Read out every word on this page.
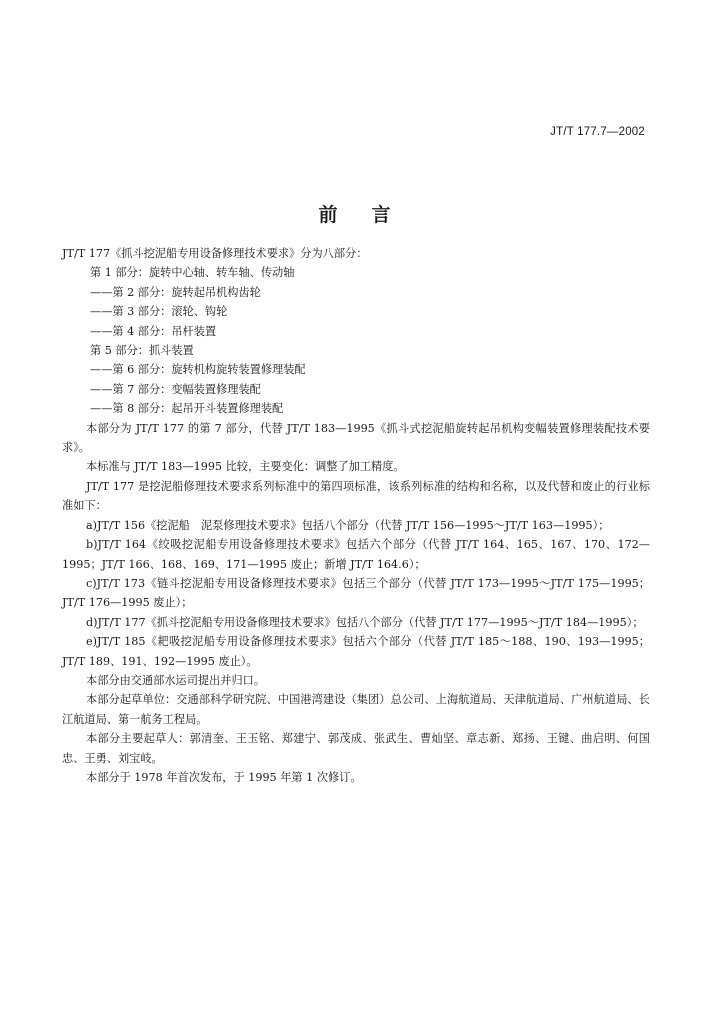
JT/T 177.7—2002
前 言

JT/T 177《抓斗挖泥船专用设备修理技术要求》分为八部分：

第 1 部分：旋转中心轴、转车轴、传动轴

——第 2 部分：旋转起吊机构齿轮

——第 3 部分：滚轮、钩轮

——第 4 部分：吊杆装置

第 5 部分：抓斗装置

——第 6 部分：旋转机构旋转装置修理装配

——第 7 部分：变幅装置修理装配

——第 8 部分：起吊开斗装置修理装配

本部分为 JT/T 177 的第 7 部分，代替 JT/T 183—1995《抓斗式挖泥船旋转起吊机构变幅装置修理装配技术要求》。

本标准与 JT/T 183—1995 比较，主要变化：调整了加工精度。

JT/T 177 是挖泥船修理技术要求系列标准中的第四项标准，该系列标准的结构和名称，以及代替和废止的行业标准如下：

a)JT/T 156《挖泥船　泥泵修理技术要求》包括八个部分（代替 JT/T 156—1995～JT/T 163—1995）；

b)JT/T 164《绞吸挖泥船专用设备修理技术要求》包括六个部分（代替 JT/T 164、165、167、170、172—1995；JT/T 166、168、169、171—1995 废止；新增 JT/T 164.6）；

c)JT/T 173《链斗挖泥船专用设备修理技术要求》包括三个部分（代替 JT/T 173—1995～JT/T 175—1995；JT/T 176—1995 废止）；

d)JT/T 177《抓斗挖泥船专用设备修理技术要求》包括八个部分（代替 JT/T 177—1995～JT/T 184—1995）；

e)JT/T 185《耙吸挖泥船专用设备修理技术要求》包括六个部分（代替 JT/T 185～188、190、193—1995；JT/T 189、191、192—1995 废止）。

本部分由交通部水运司提出并归口。

本部分起草单位：交通部科学研究院、中国港湾建设（集团）总公司、上海航道局、天津航道局、广州航道局、长江航道局、第一航务工程局。

本部分主要起草人：郭清奎、王玉铭、郑建宁、郭茂成、张武生、曹灿坚、章志新、郑扬、王键、曲启明、何国忠、王勇、刘宝岐。

本部分于 1978 年首次发布，于 1995 年第 1 次修订。
